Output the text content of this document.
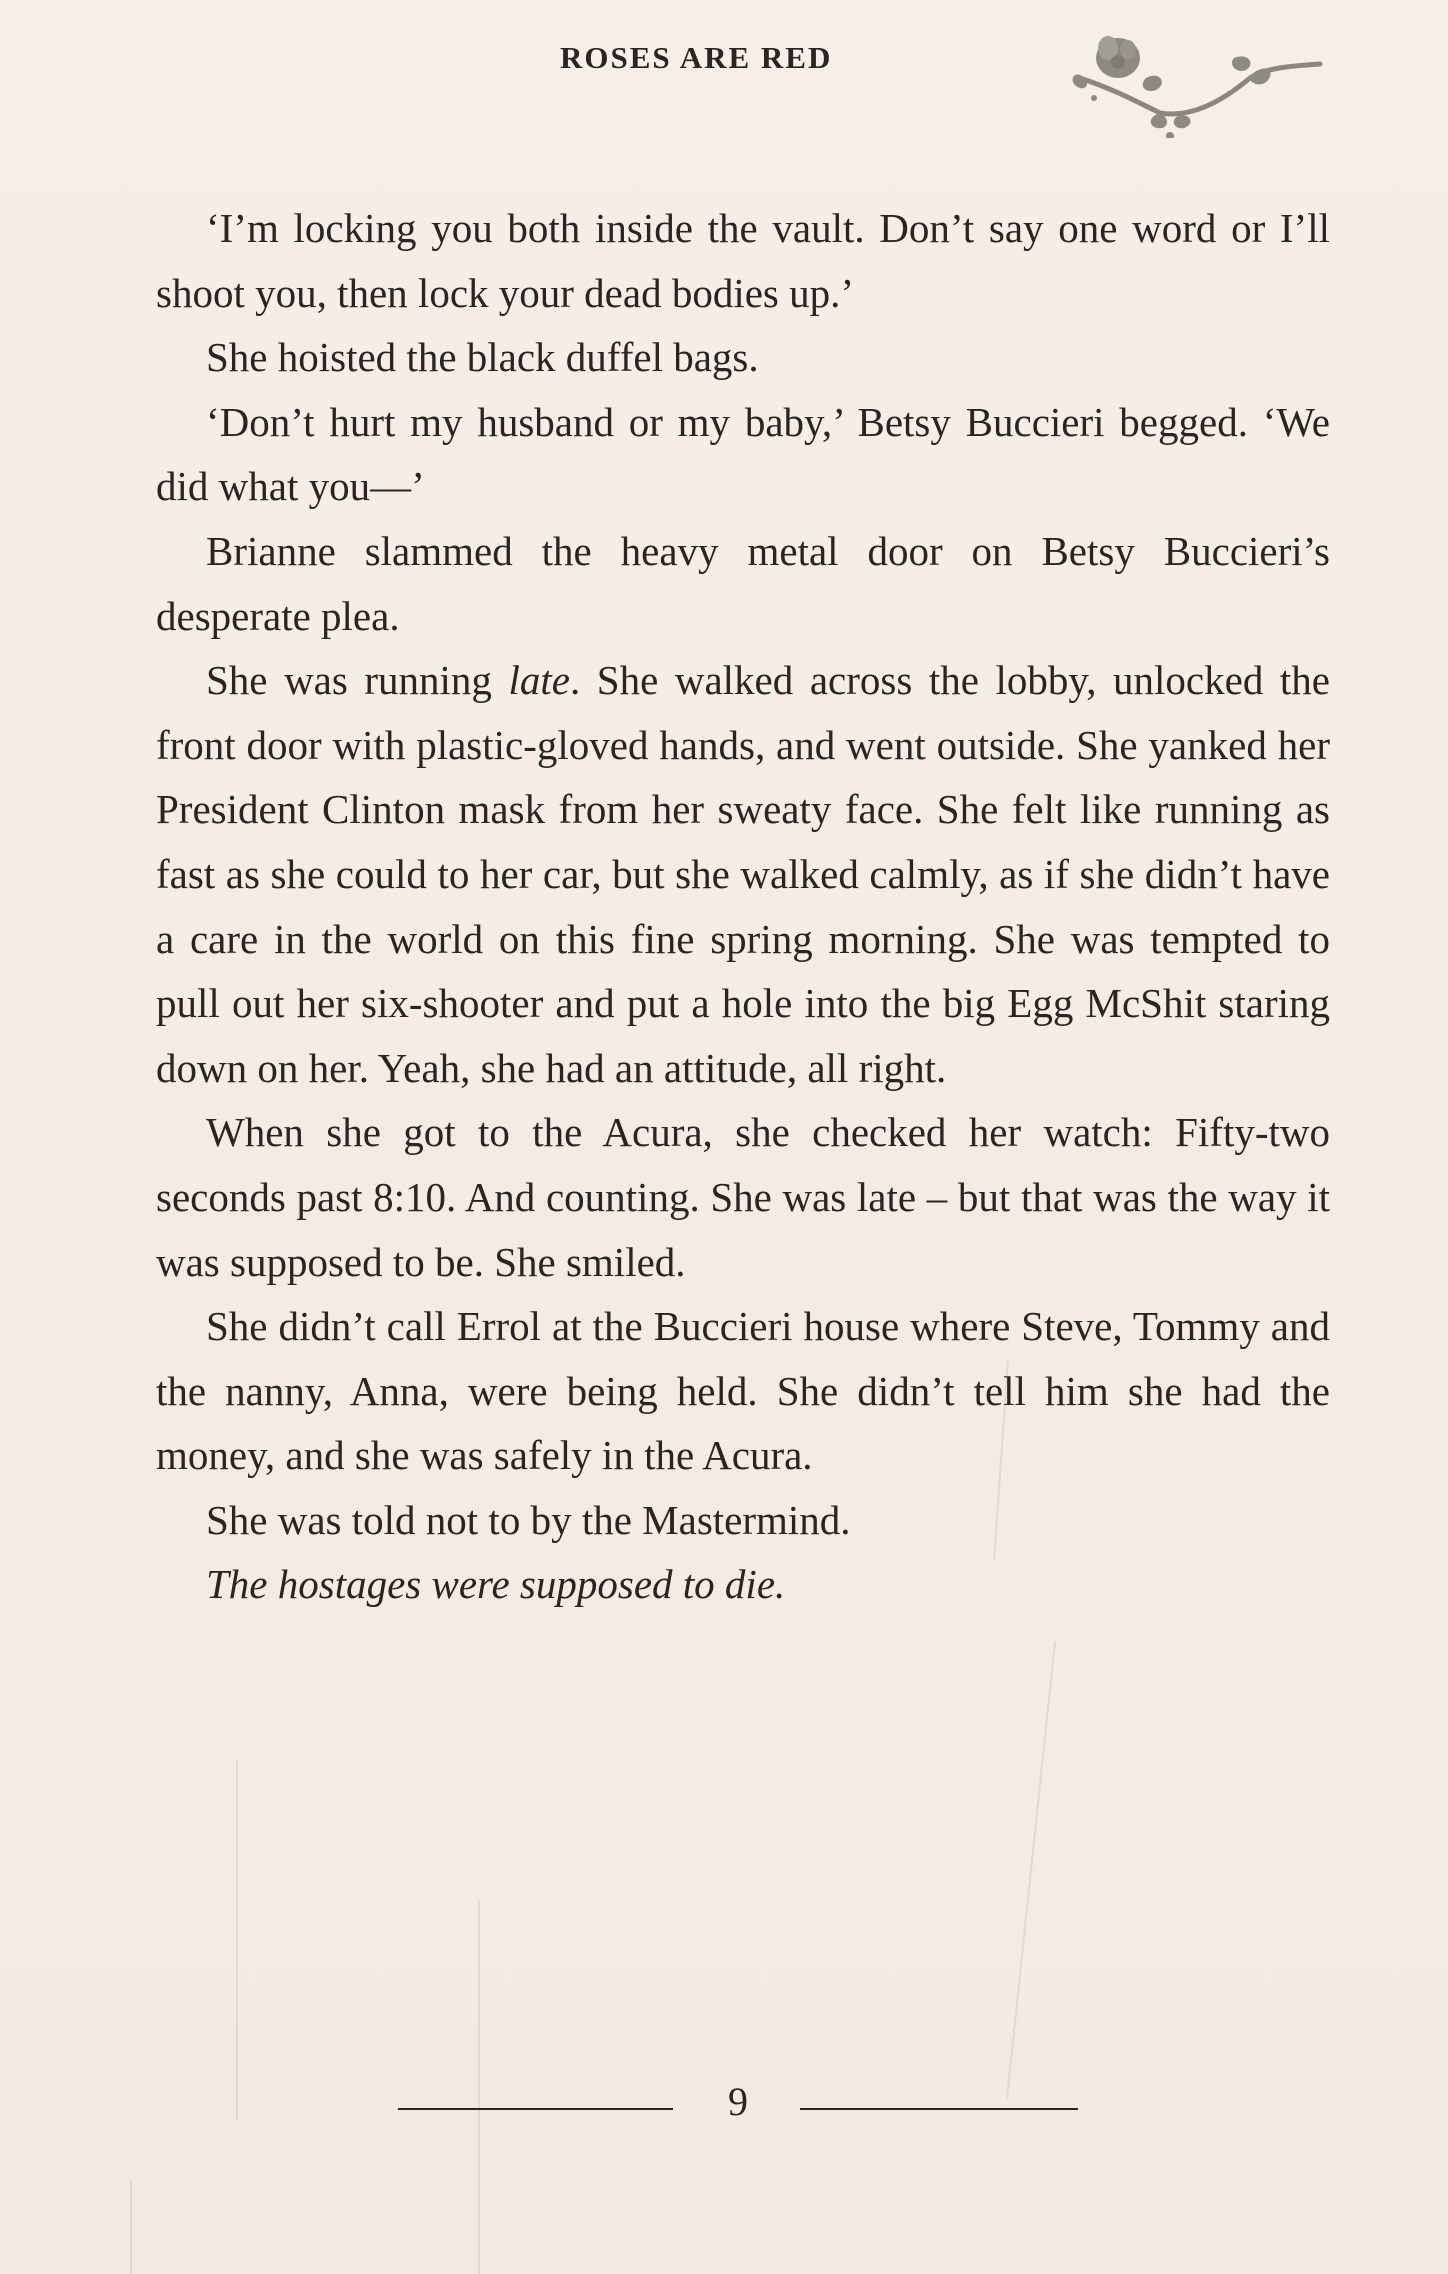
ROSES ARE RED

‘I’m locking you both inside the vault. Don’t say one word or I’ll shoot you, then lock your dead bodies up.’

She hoisted the black duffel bags.

‘Don’t hurt my husband or my baby,’ Betsy Buccieri begged. ‘We did what you—’

Brianne slammed the heavy metal door on Betsy Buccieri’s desperate plea.

She was running late. She walked across the lobby, unlocked the front door with plastic-gloved hands, and went outside. She yanked her President Clinton mask from her sweaty face. She felt like running as fast as she could to her car, but she walked calmly, as if she didn’t have a care in the world on this fine spring morning. She was tempted to pull out her six-shooter and put a hole into the big Egg McShit staring down on her. Yeah, she had an attitude, all right.

When she got to the Acura, she checked her watch: Fifty-two seconds past 8:10. And counting. She was late – but that was the way it was supposed to be. She smiled.

She didn’t call Errol at the Buccieri house where Steve, Tommy and the nanny, Anna, were being held. She didn’t tell him she had the money, and she was safely in the Acura.

She was told not to by the Mastermind.

The hostages were supposed to die.

9
